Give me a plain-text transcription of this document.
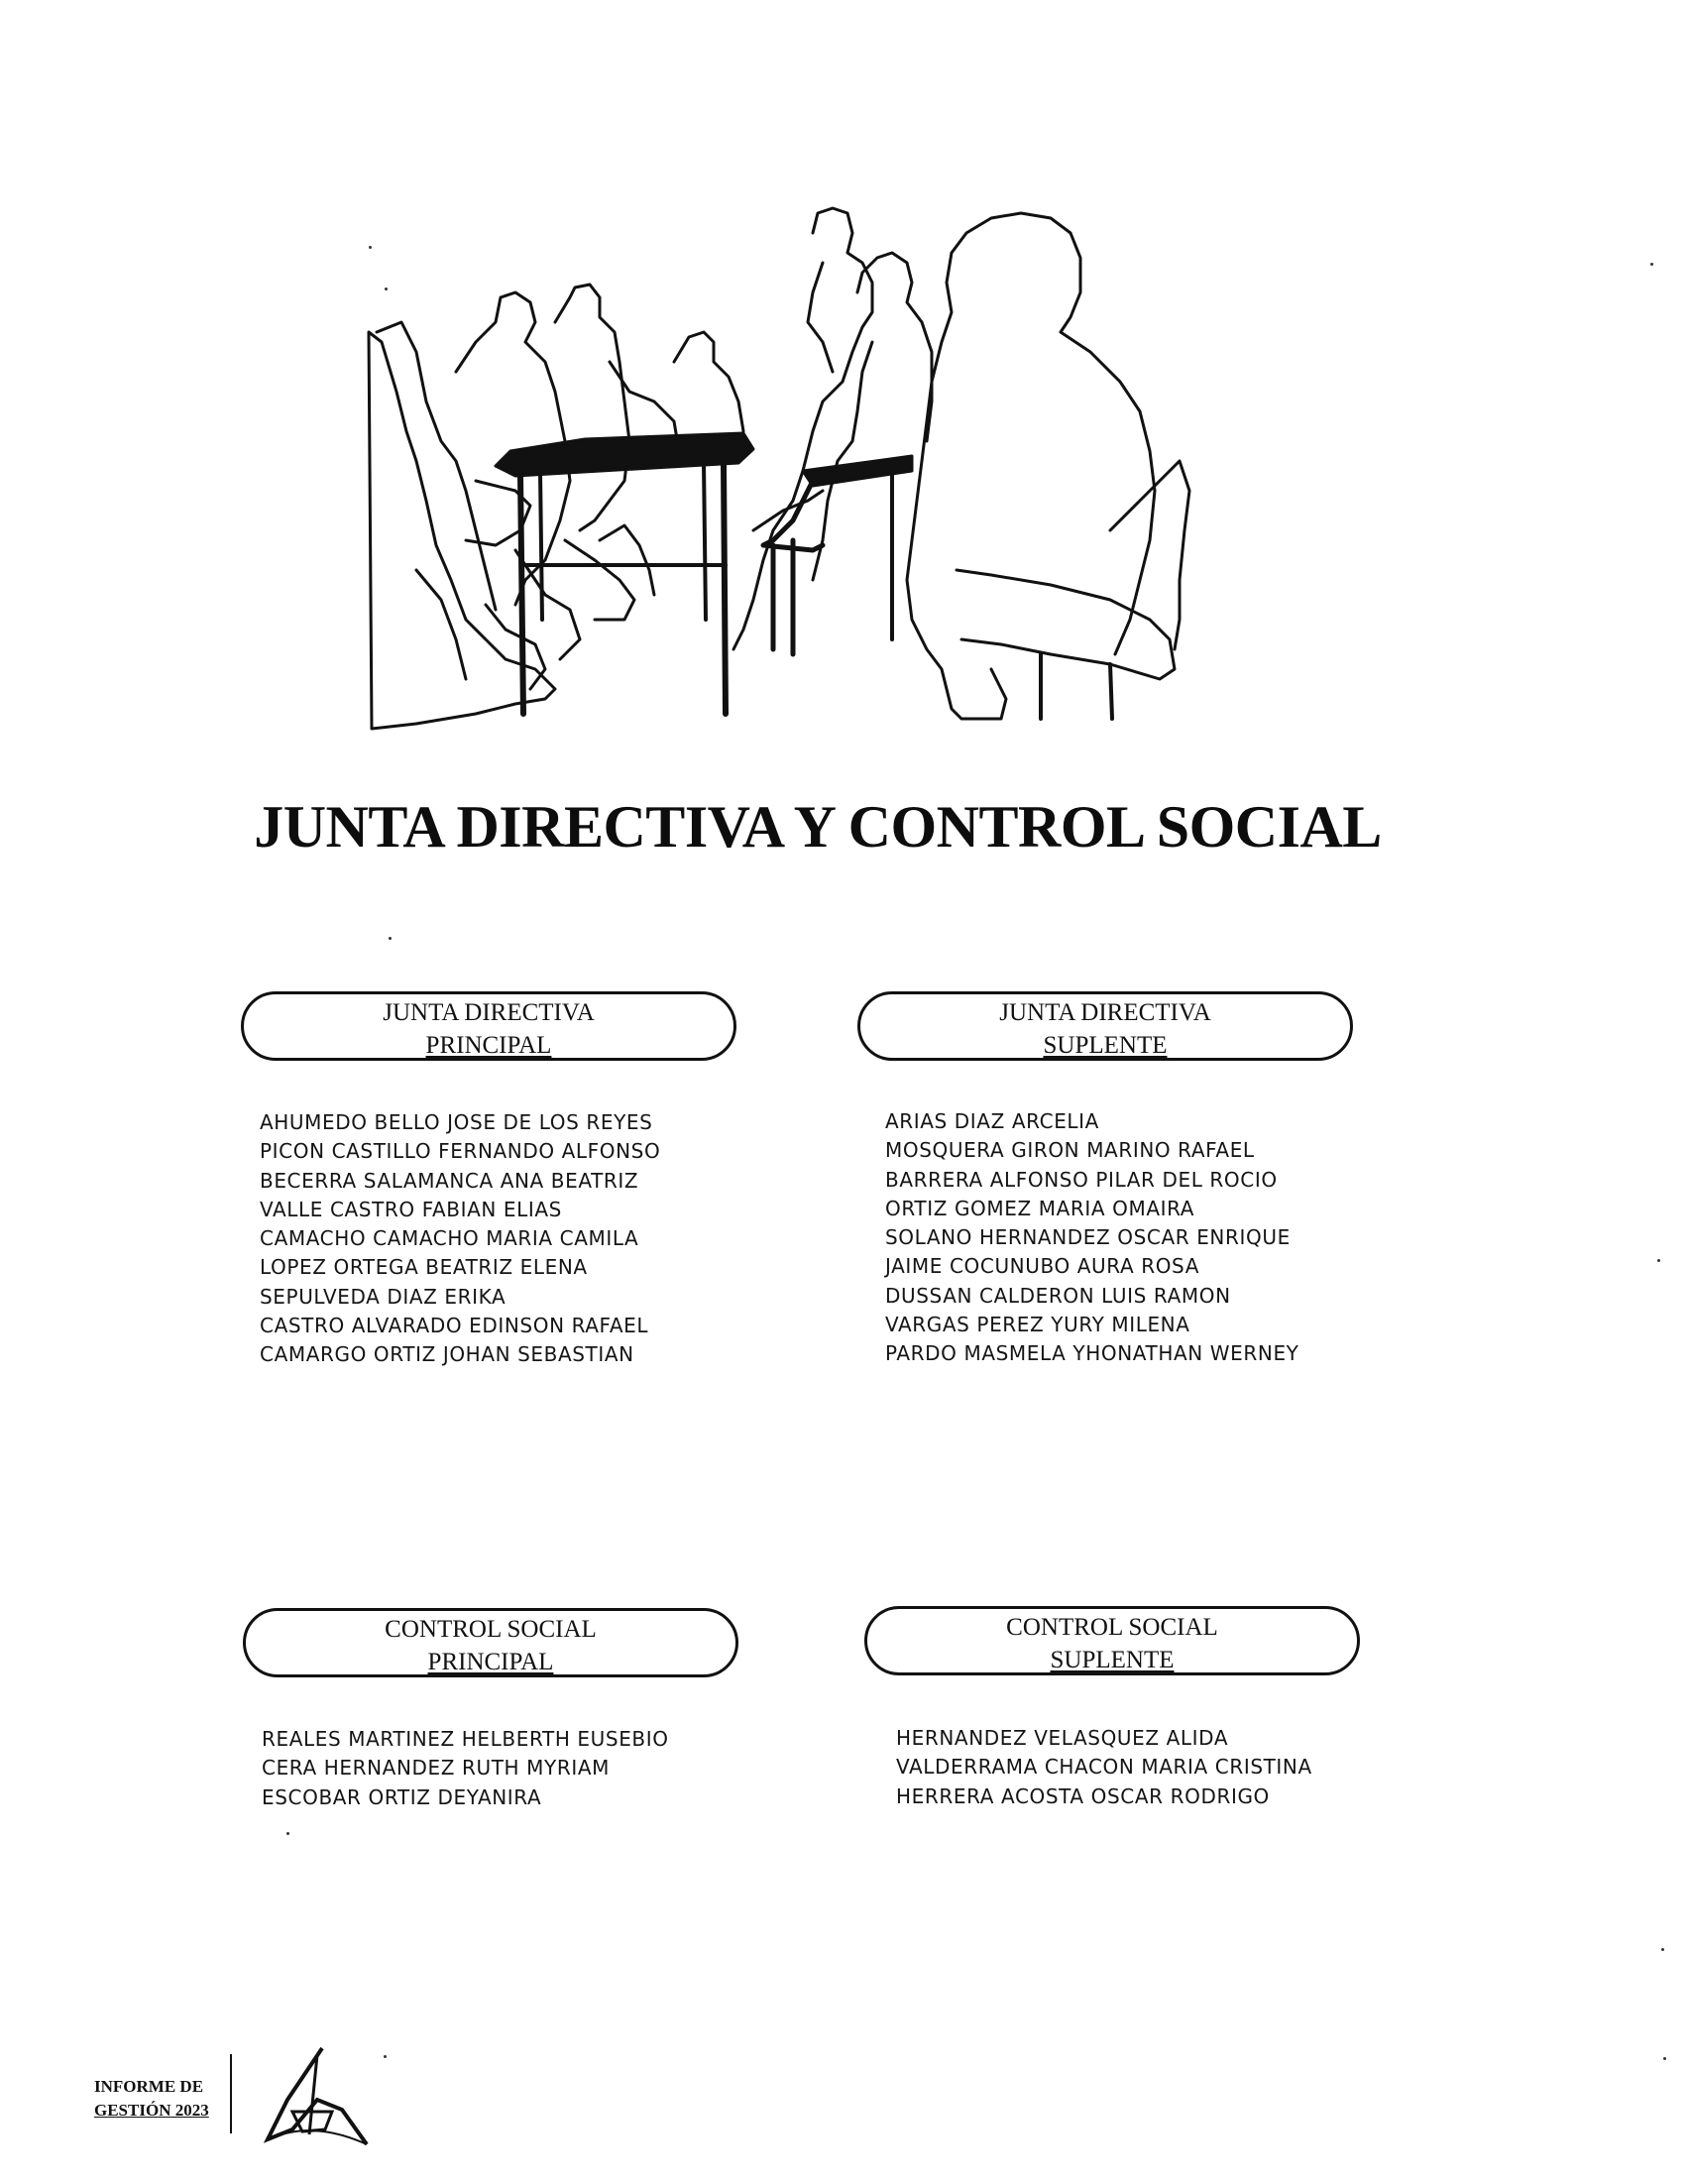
JUNTA DIRECTIVA Y CONTROL SOCIAL
JUNTA DIRECTIVA
PRINCIPAL
AHUMEDO BELLO JOSE DE LOS REYES
PICON CASTILLO FERNANDO ALFONSO
BECERRA SALAMANCA ANA BEATRIZ
VALLE CASTRO FABIAN ELIAS
CAMACHO CAMACHO MARIA CAMILA
LOPEZ ORTEGA BEATRIZ ELENA
SEPULVEDA DIAZ ERIKA
CASTRO ALVARADO EDINSON RAFAEL
CAMARGO ORTIZ JOHAN SEBASTIAN
JUNTA DIRECTIVA
SUPLENTE
ARIAS DIAZ ARCELIA
MOSQUERA GIRON MARINO RAFAEL
BARRERA ALFONSO PILAR DEL ROCIO
ORTIZ GOMEZ MARIA OMAIRA
SOLANO HERNANDEZ OSCAR ENRIQUE
JAIME COCUNUBO AURA ROSA
DUSSAN CALDERON LUIS RAMON
VARGAS PEREZ YURY MILENA
PARDO MASMELA YHONATHAN WERNEY
CONTROL SOCIAL
PRINCIPAL
REALES MARTINEZ HELBERTH EUSEBIO
CERA HERNANDEZ RUTH MYRIAM
ESCOBAR ORTIZ DEYANIRA
CONTROL SOCIAL
SUPLENTE
HERNANDEZ VELASQUEZ ALIDA
VALDERRAMA CHACON MARIA CRISTINA
HERRERA ACOSTA OSCAR RODRIGO
INFORME DE
GESTIÓN 2023
